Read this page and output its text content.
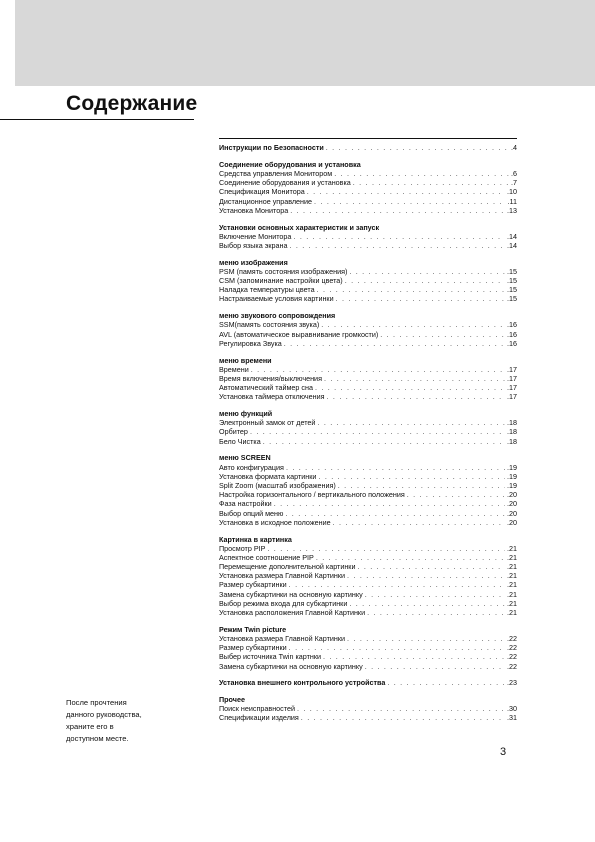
Содержание
Инструкции по Безопасности . . .	.4
Соединение оборудования и установка
Средства управления Монитором . . .	.6
Соединение оборудования и установка . . .	.7
Спецификация Монитора . . .	.10
Дистанционное управление . . .	.11
Установка Монитора . . .	.13
Установки основных характеристик и запуск
Включение Монитора . . .	.14
Выбор языка экрана . . .	.14
меню изображения
PSM (память состояния изображения) . . .	.15
CSM (запоминание настройки цвета) . . .	.15
Наладка температуры цвета . . .	.15
Настраиваемые условия картинки . . .	.15
меню звукового сопровождения
SSM(память состояния звука) . . .	.16
AVL (автоматическое выравнивание громкости) . . .	.16
Регулировка Звука . . .	.16
меню времени
Времени . . .	.17
Время включения/выключения . . .	.17
Автоматический таймер сна . . .	.17
Установка таймера отключения . . .	.17
меню функций
Электронный замок от детей . . .	.18
Орбитер . . .	.18
Бело Чистка . . .	.18
меню SCREEN
Авто конфигурация . . .	.19
Установка формата картинки . . .	.19
Split Zoom (масштаб изображения) . . .	.19
Настройка горизонтального / вертикального положения . . .	.20
Фаза настройки . . .	.20
Выбор опций меню . . .	.20
Установка в исходное положение . . .	.20
Картинка в картинка
Просмотр PIP . . .	.21
Аспектное соотношение PIP . . .	.21
Перемещение дополнительной картинки . . .	.21
Установка размера Главной Картинки . . .	.21
Размер субкартинки . . .	.21
Замена субкартинки на основную картинку . . .	.21
Выбор режима входа для субкартинки . . .	.21
Установка расположения Главной Картинки . . .	.21
Режим Twin picture
Установка размера Главной Картинки . . .	.22
Размер субкартинки . . .	.22
Выбер источника Twin картнки . . .	.22
Замена субкартинки на основную картинку . . .	.22
Установка внешнего контрольного устройства . . .	.23
Прочее
Поиск неисправностей . . .	.30
Спецификации изделия . . .	.31
После прочтения
данного руководства,
храните его в
доступном месте.
3
